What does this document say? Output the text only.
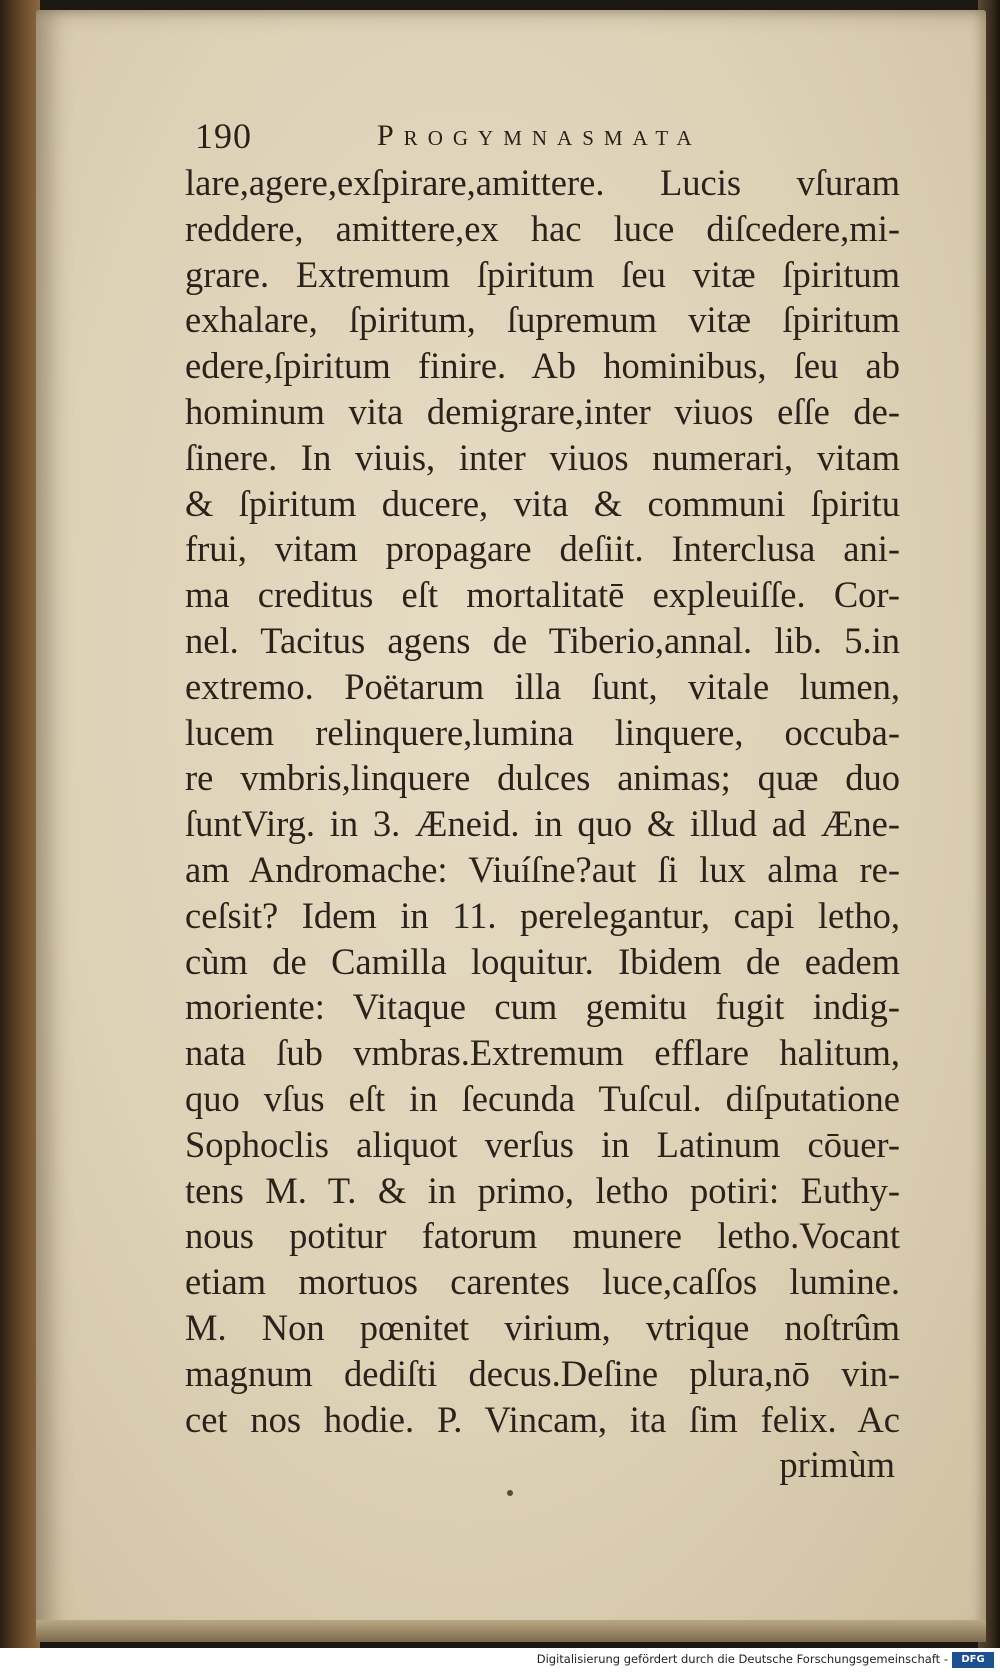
190	Progymnasmata
lare,agere,exſpirare,amittere. Lucis vſuram
reddere, amittere,ex hac luce diſcedere,mi-
grare. Extremum ſpiritum ſeu vitæ ſpiritum
exhalare, ſpiritum, ſupremum vitæ ſpiritum
edere,ſpiritum finire. Ab hominibus, ſeu ab
hominum vita demigrare,inter viuos eſſe de-
ſinere. In viuis, inter viuos numerari, vitam
& ſpiritum ducere, vita & communi ſpiritu
frui, vitam propagare deſiit. Interclusa ani-
ma creditus eſt mortalitatē expleuiſſe. Cor-
nel. Tacitus agens de Tiberio,annal. lib. 5.in
extremo. Poëtarum illa ſunt, vitale lumen,
lucem relinquere,lumina linquere, occuba-
re vmbris,linquere dulces animas; quæ duo
ſuntVirg. in 3. Æneid. in quo & illud ad Æne-
am Andromache: Viuíſne?aut ſi lux alma re-
ceſsit? Idem in 11. perelegantur, capi letho,
cùm de Camilla loquitur. Ibidem de eadem
moriente: Vitaque cum gemitu fugit indig-
nata ſub vmbras.Extremum efflare halitum,
quo vſus eſt in ſecunda Tuſcul. diſputatione
Sophoclis aliquot verſus in Latinum cōuer-
tens M. T. & in primo, letho potiri: Euthy-
nous potitur fatorum munere letho.Vocant
etiam mortuos carentes luce,caſſos lumine.
M. Non pœnitet virium, vtrique noſtrûm
magnum dediſti decus.Deſine plura,nō vin-
cet nos hodie. P. Vincam, ita ſim felix. Ac
primùm
Digitalisierung gefördert durch die Deutsche Forschungsgemeinschaft -	DFG
